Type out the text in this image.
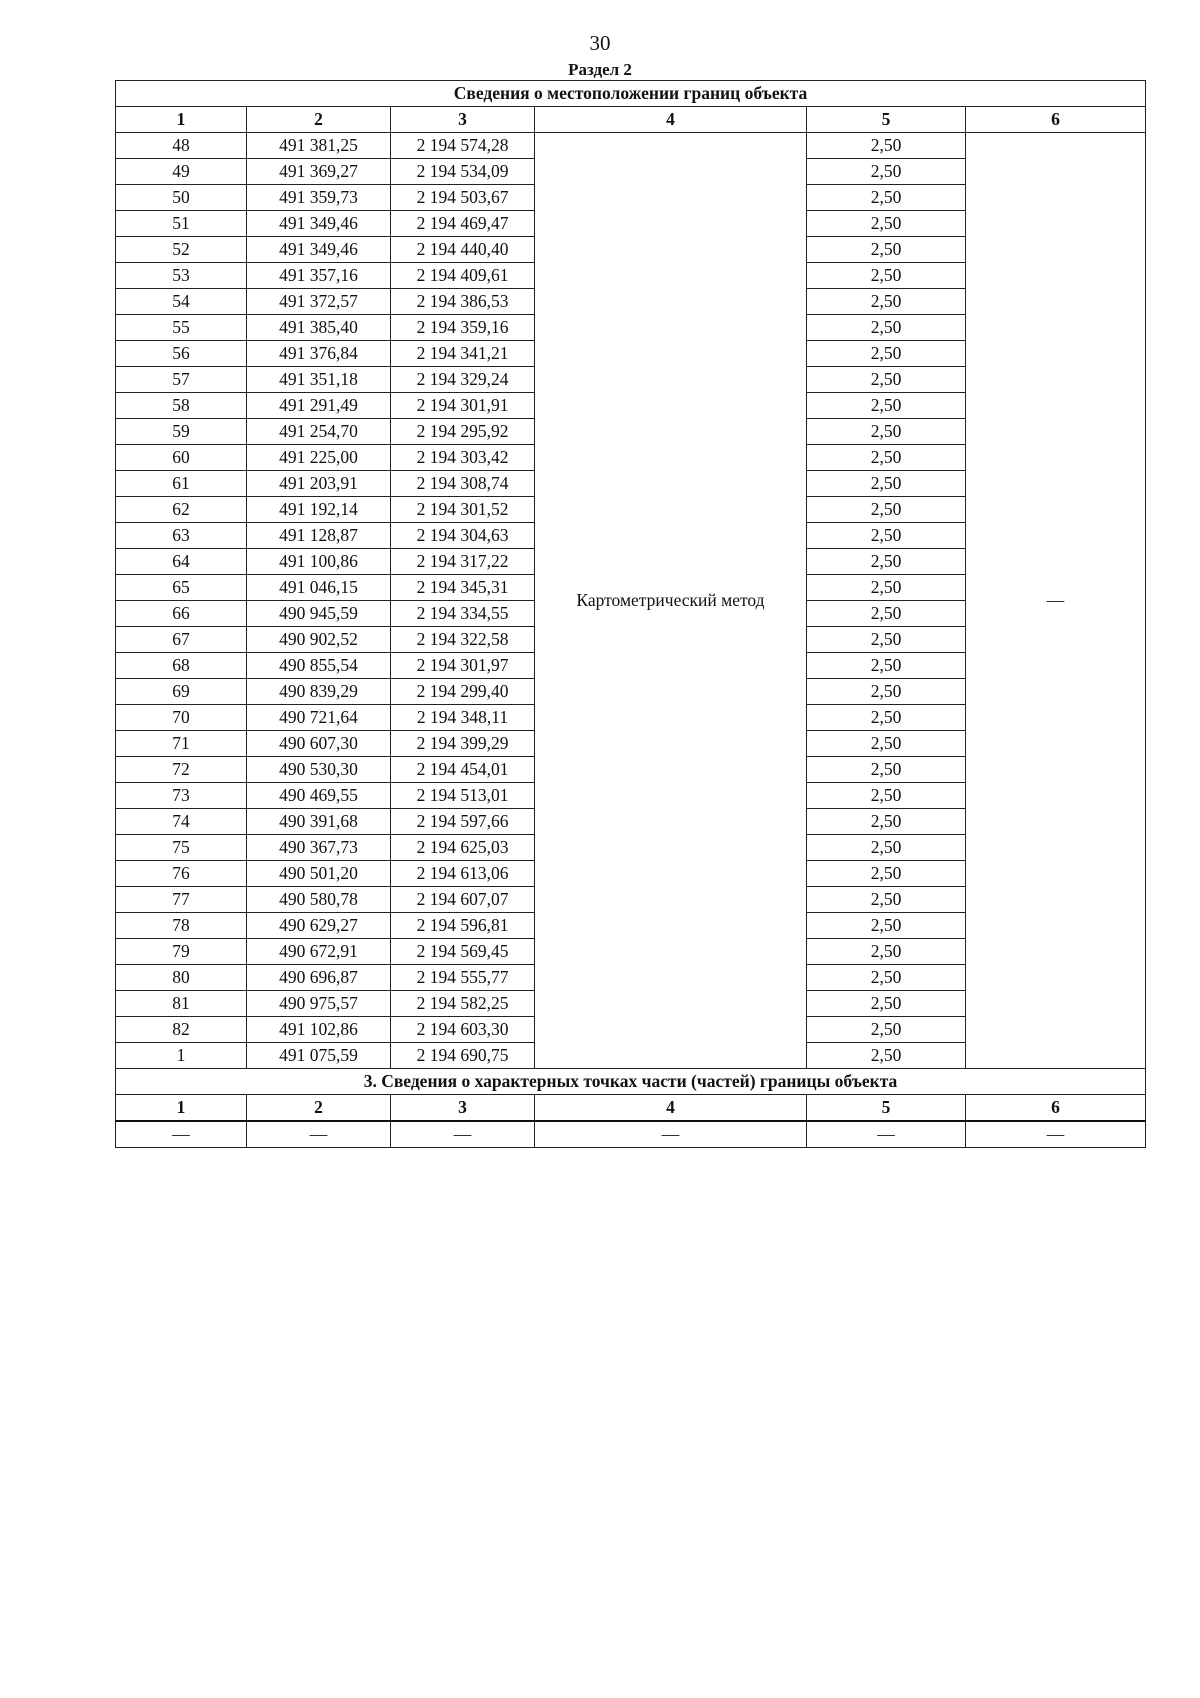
30
Раздел 2
Сведения о местоположении границ объекта					
1	2	3	4	5	6
48	491 381,25	2 194 574,28	Картометрический метод	2,50	—
49	491 369,27	2 194 534,09		2,50	
50	491 359,73	2 194 503,67		2,50	
51	491 349,46	2 194 469,47		2,50	
52	491 349,46	2 194 440,40		2,50	
53	491 357,16	2 194 409,61		2,50	
54	491 372,57	2 194 386,53		2,50	
55	491 385,40	2 194 359,16		2,50	
56	491 376,84	2 194 341,21		2,50	
57	491 351,18	2 194 329,24		2,50	
58	491 291,49	2 194 301,91		2,50	
59	491 254,70	2 194 295,92		2,50	
60	491 225,00	2 194 303,42		2,50	
61	491 203,91	2 194 308,74		2,50	
62	491 192,14	2 194 301,52		2,50	
63	491 128,87	2 194 304,63		2,50	
64	491 100,86	2 194 317,22		2,50	
65	491 046,15	2 194 345,31		2,50	
66	490 945,59	2 194 334,55		2,50	
67	490 902,52	2 194 322,58		2,50	
68	490 855,54	2 194 301,97		2,50	
69	490 839,29	2 194 299,40		2,50	
70	490 721,64	2 194 348,11		2,50	
71	490 607,30	2 194 399,29		2,50	
72	490 530,30	2 194 454,01		2,50	
73	490 469,55	2 194 513,01		2,50	
74	490 391,68	2 194 597,66		2,50	
75	490 367,73	2 194 625,03		2,50	
76	490 501,20	2 194 613,06		2,50	
77	490 580,78	2 194 607,07		2,50	
78	490 629,27	2 194 596,81		2,50	
79	490 672,91	2 194 569,45		2,50	
80	490 696,87	2 194 555,77		2,50	
81	490 975,57	2 194 582,25		2,50	
82	491 102,86	2 194 603,30		2,50	
1	491 075,59	2 194 690,75		2,50	
3. Сведения о характерных точках части (частей) границы объекта					
1	2	3	4	5	6
—	—	—	—	—	—
